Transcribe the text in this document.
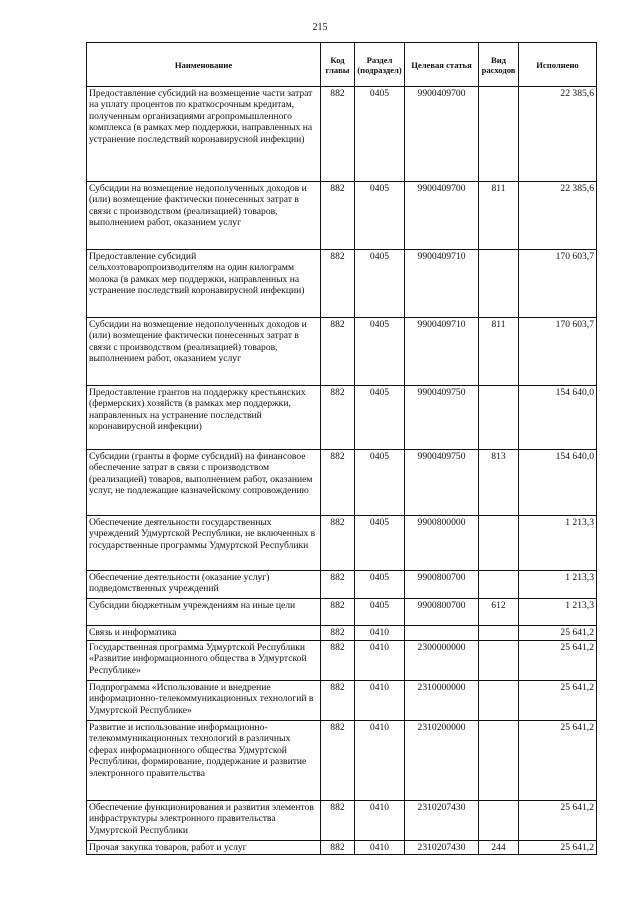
215
Наименование	Код главы	Раздел (подраздел)	Целевая статья	Вид расходов	Исполнено
Предоставление субсидий на возмещение части затрат на уплату процентов по краткосрочным кредитам, полученным организациями агропромышленного комплекса (в рамках мер поддержки, направленных на устранение последствий коронавирусной инфекции)	882	0405	9900409700		22 385,6
Субсидии на возмещение недополученных доходов и (или) возмещение фактически понесенных затрат в связи с производством (реализацией) товаров, выполнением работ, оказанием услуг	882	0405	9900409700	811	22 385,6
Предоставление субсидий сельхозтоваропроизводителям на один килограмм молока (в рамках мер поддержки, направленных на устранение последствий коронавирусной инфекции)	882	0405	9900409710		170 603,7
Субсидии на возмещение недополученных доходов и (или) возмещение фактически понесенных затрат в связи с производством (реализацией) товаров, выполнением работ, оказанием услуг	882	0405	9900409710	811	170 603,7
Предоставление грантов на поддержку крестьянских (фермерских) хозяйств (в рамках мер поддержки, направленных на устранение последствий коронавирусной инфекции)	882	0405	9900409750		154 640,0
Субсидии (гранты в форме субсидий) на финансовое обеспечение затрат в связи с производством (реализацией) товаров, выполнением работ, оказанием услуг, не подлежащие казначейскому сопровождению	882	0405	9900409750	813	154 640,0
Обеспечение деятельности государственных учреждений Удмуртской Республики, не включенных в государственные программы Удмуртской Республики	882	0405	9900800000		1 213,3
Обеспечение деятельности (оказание услуг) подведомственных учреждений	882	0405	9900800700		1 213,3
Субсидии бюджетным учреждениям на иные цели	882	0405	9900800700	612	1 213,3
Связь и информатика	882	0410			25 641,2
Государственная программа Удмуртской Республики «Развитие информационного общества в Удмуртской Республике»	882	0410	2300000000		25 641,2
Подпрограмма «Использование и внедрение информационно-телекоммуникационных технологий в Удмуртской Республике»	882	0410	2310000000		25 641,2
Развитие и использование информационно-телекоммуникационных технологий в различных сферах информационного общества Удмуртской Республики, формирование, поддержание и развитие электронного правительства	882	0410	2310200000		25 641,2
Обеспечение функционирования и развития элементов инфраструктуры электронного правительства Удмуртской Республики	882	0410	2310207430		25 641,2
Прочая закупка товаров, работ и услуг	882	0410	2310207430	244	25 641,2
